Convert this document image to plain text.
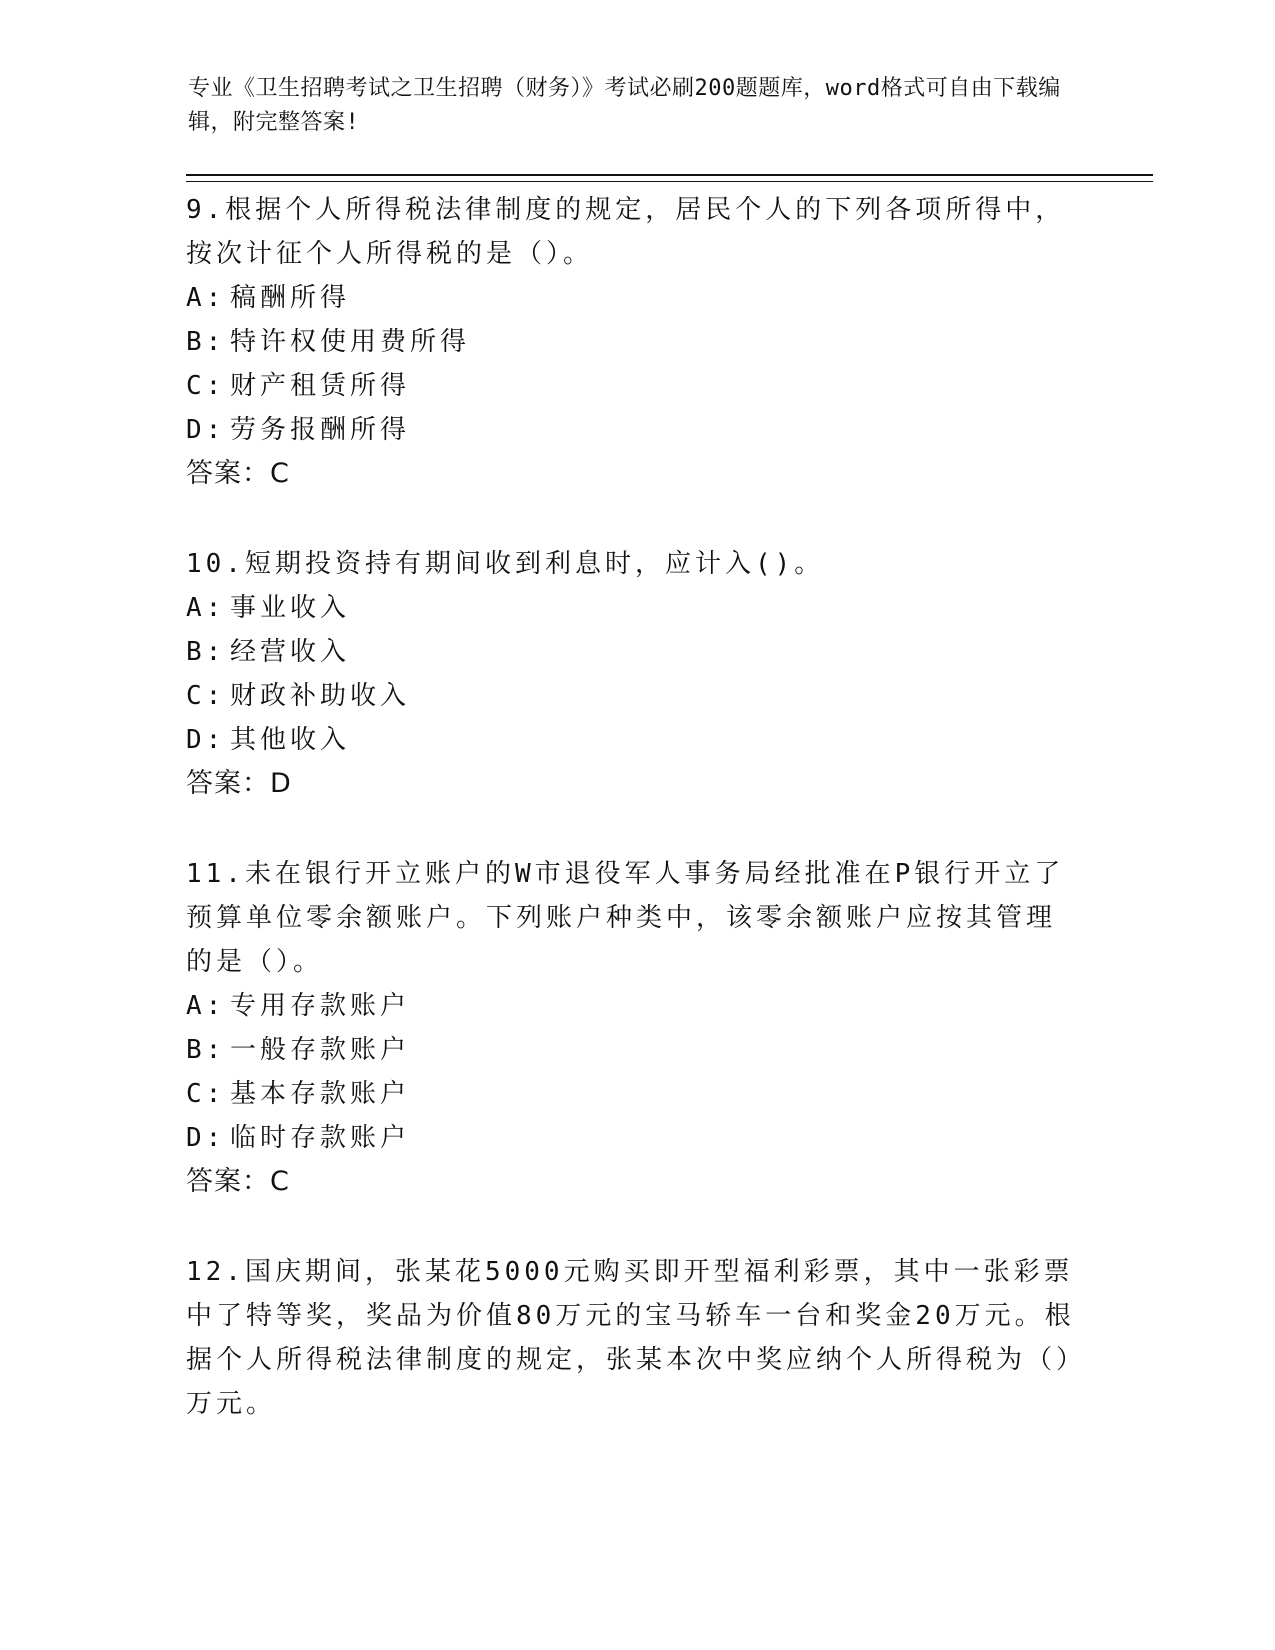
专业《卫生招聘考试之卫生招聘（财务）》考试必刷200题题库，word格式可自由下载编辑，附完整答案!

9.根据个人所得税法律制度的规定，居民个人的下列各项所得中，按次计征个人所得税的是（）。

A: 稿酬所得
B: 特许权使用费所得
C: 财产租赁所得
D: 劳务报酬所得

答案：C

10.短期投资持有期间收到利息时，应计入()。

A: 事业收入
B: 经营收入
C: 财政补助收入
D: 其他收入

答案：D

11.未在银行开立账户的W市退役军人事务局经批准在P银行开立了预算单位零余额账户。下列账户种类中，该零余额账户应按其管理的是（）。

A: 专用存款账户
B: 一般存款账户
C: 基本存款账户
D: 临时存款账户

答案：C

12.国庆期间，张某花5000元购买即开型福利彩票，其中一张彩票中了特等奖，奖品为价值80万元的宝马轿车一台和奖金20万元。根据个人所得税法律制度的规定，张某本次中奖应纳个人所得税为（）万元。
